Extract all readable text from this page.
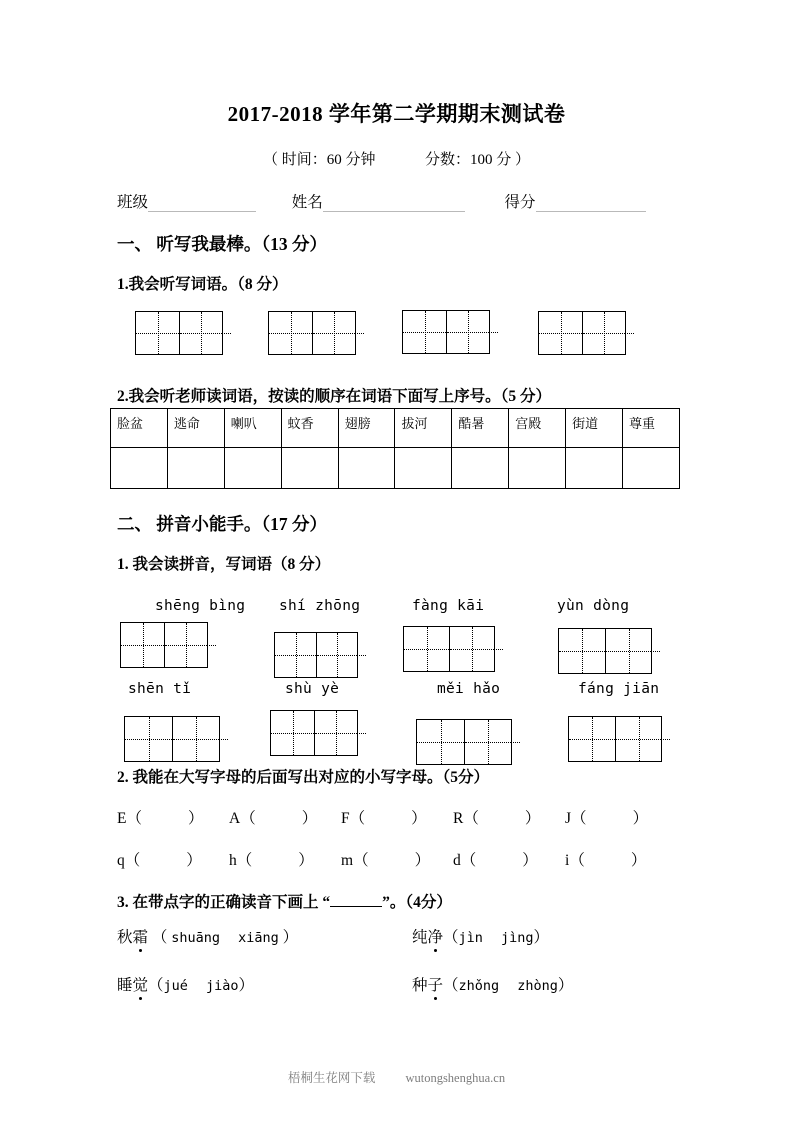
2017-2018 学年第二学期期末测试卷
（ 时间：60 分钟	分数：100 分 ）
班级	姓名	得分
一、 听写我最棒。（13 分）
1.我会听写词语。（8 分）
2.我会听老师读词语，按读的顺序在词语下面写上序号。（5 分）
脸盆	逃命	喇叭	蚊香	翅膀	拔河	酷暑	宫殿	街道	尊重

二、 拼音小能手。（17 分）
1. 我会读拼音，写词语（8 分）
shēng bìng shí zhōng	fàng kāi	yùn dòng
shēn tǐ	shù yè	měi hǎo	fáng jiān
2. 我能在大写字母的后面写出对应的小写字母。（5分）
E（	） A（	） F（	） R（	） J（	）
q（	） h（	） m（	） d（	） i（	）
3. 在带点字的正确读音下画上 “	”。（4分）
秋霜 （ shuāng xiāng ）	纯净（jìn jìng）
睡觉（jué jiào）	种子（zhǒng zhòng）
梧桐生花网下载 wutongshenghua.cn
